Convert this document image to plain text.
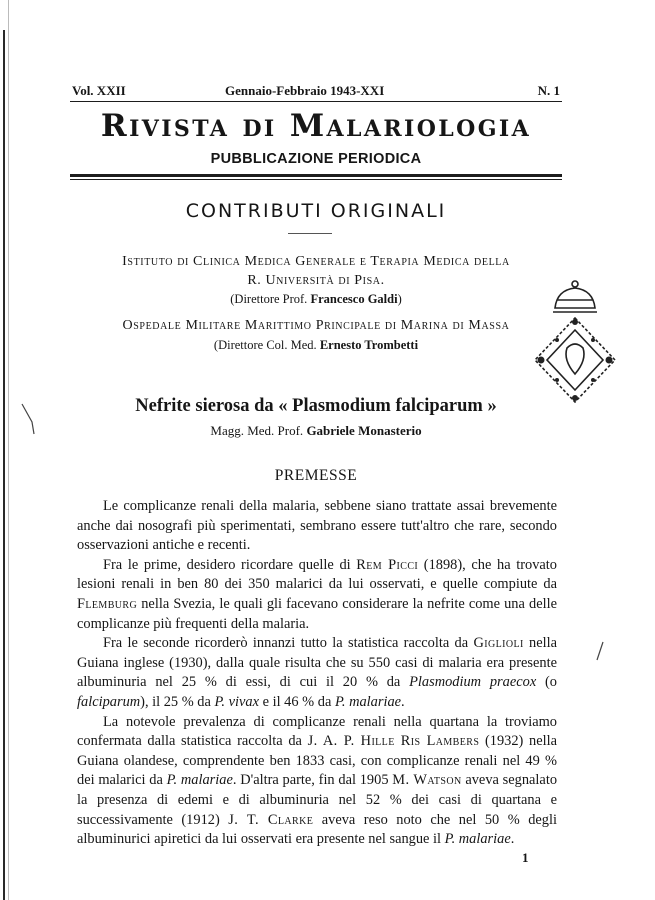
Vol. XXII	Gennaio-Febbraio 1943-XXI	N. 1
Rivista di Malariologia
PUBBLICAZIONE PERIODICA
CONTRIBUTI ORIGINALI
Istituto di Clinica Medica Generale e Terapia Medica della
R. Università di Pisa.
(Direttore Prof. Francesco Galdi)
Ospedale Militare Marittimo Principale di Marina di Massa
(Direttore Col. Med. Ernesto Trombetti
Nefrite sierosa da « Plasmodium falciparum »
Magg. Med. Prof. Gabriele Monasterio
PREMESSE

Le complicanze renali della malaria, sebbene siano trattate assai brevemente anche dai nosografi più sperimentati, sembrano essere tutt'altro che rare, secondo osservazioni antiche e recenti.

Fra le prime, desidero ricordare quelle di Rem Picci (1898), che ha trovato lesioni renali in ben 80 dei 350 malarici da lui osservati, e quelle compiute da Flemburg nella Svezia, le quali gli facevano considerare la nefrite come una delle complicanze più frequenti della malaria.

Fra le seconde ricorderò innanzi tutto la statistica raccolta da Giglioli nella Guiana inglese (1930), dalla quale risulta che su 550 casi di malaria era presente albuminuria nel 25 % di essi, di cui il 20 % da Plasmodium praecox (o falciparum), il 25 % da P. vivax e il 46 % da P. malariae.

La notevole prevalenza di complicanze renali nella quartana la troviamo confermata dalla statistica raccolta da J. A. P. Hille Ris Lambers (1932) nella Guiana olandese, comprendente ben 1833 casi, con complicanze renali nel 49 % dei malarici da P. malariae. D'altra parte, fin dal 1905 M. Watson aveva segnalato la presenza di edemi e di albuminuria nel 52 % dei casi di quartana e successivamente (1912) J. T. Clarke aveva reso noto che nel 50 % degli albuminurici apiretici da lui osservati era presente nel sangue il P. malariae.

1
